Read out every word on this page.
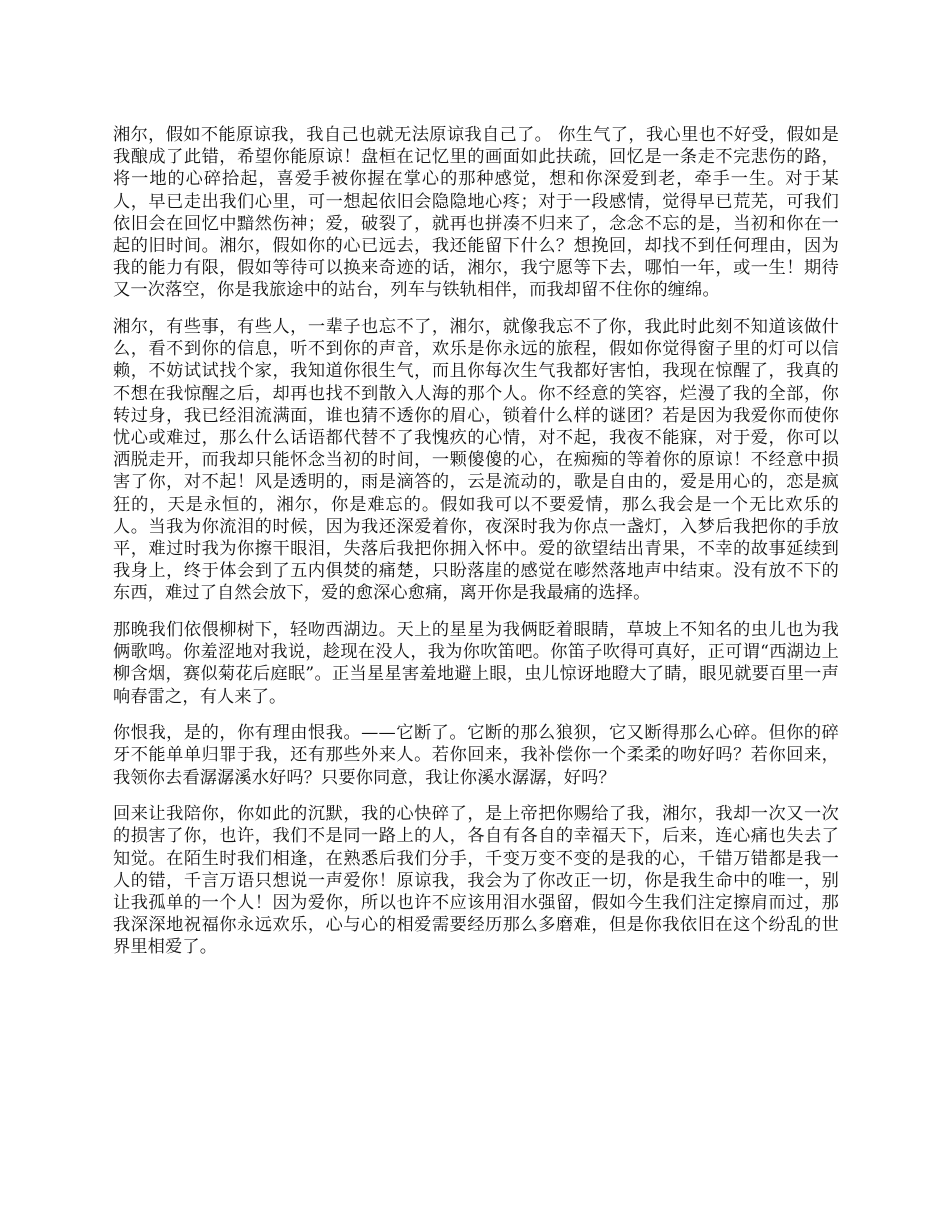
湘尔，假如不能原谅我，我自己也就无法原谅我自己了。 你生气了，我心里也不好受，假如是我酿成了此错，希望你能原谅！盘桓在记忆里的画面如此扶疏，回忆是一条走不完悲伤的路，将一地的心碎拾起，喜爱手被你握在掌心的那种感觉，想和你深爱到老，牵手一生。对于某人，早已走出我们心里，可一想起依旧会隐隐地心疼；对于一段感情，觉得早已荒芜，可我们依旧会在回忆中黯然伤神；爱，破裂了，就再也拼凑不归来了，念念不忘的是，当初和你在一起的旧时间。湘尔，假如你的心已远去，我还能留下什么？想挽回，却找不到任何理由，因为我的能力有限，假如等待可以换来奇迹的话，湘尔，我宁愿等下去，哪怕一年，或一生！期待又一次落空，你是我旅途中的站台，列车与铁轨相伴，而我却留不住你的缠绵。

湘尔，有些事，有些人，一辈子也忘不了，湘尔，就像我忘不了你，我此时此刻不知道该做什么，看不到你的信息，听不到你的声音，欢乐是你永远的旅程，假如你觉得窗子里的灯可以信赖，不妨试试找个家，我知道你很生气，而且你每次生气我都好害怕，我现在惊醒了，我真的不想在我惊醒之后，却再也找不到散入人海的那个人。你不经意的笑容，烂漫了我的全部，你转过身，我已经泪流满面，谁也猜不透你的眉心，锁着什么样的谜团？若是因为我爱你而使你忧心或难过，那么什么话语都代替不了我愧疚的心情，对不起，我夜不能寐，对于爱，你可以洒脱走开，而我却只能怀念当初的时间，一颗傻傻的心，在痴痴的等着你的原谅！不经意中损害了你，对不起！风是透明的，雨是滴答的，云是流动的，歌是自由的，爱是用心的，恋是疯狂的，天是永恒的，湘尔，你是难忘的。假如我可以不要爱情，那么我会是一个无比欢乐的人。当我为你流泪的时候，因为我还深爱着你，夜深时我为你点一盏灯，入梦后我把你的手放平，难过时我为你擦干眼泪，失落后我把你拥入怀中。爱的欲望结出青果，不幸的故事延续到我身上，终于体会到了五内俱焚的痛楚，只盼落崖的感觉在嘭然落地声中结束。没有放不下的东西，难过了自然会放下，爱的愈深心愈痛，离开你是我最痛的选择。

那晚我们依偎柳树下，轻吻西湖边。天上的星星为我俩眨着眼睛，草坡上不知名的虫儿也为我俩歌鸣。你羞涩地对我说，趁现在没人，我为你吹笛吧。你笛子吹得可真好，正可谓“西湖边上柳含烟，赛似菊花后庭眠”。正当星星害羞地避上眼，虫儿惊讶地瞪大了睛，眼见就要百里一声响春雷之，有人来了。

你恨我，是的，你有理由恨我。——它断了。它断的那么狼狈，它又断得那么心碎。但你的碎牙不能单单归罪于我，还有那些外来人。若你回来，我补偿你一个柔柔的吻好吗？若你回来，我领你去看潺潺溪水好吗？只要你同意，我让你溪水潺潺，好吗？

回来让我陪你，你如此的沉默，我的心快碎了，是上帝把你赐给了我，湘尔，我却一次又一次的损害了你，也许，我们不是同一路上的人，各自有各自的幸福天下，后来，连心痛也失去了知觉。在陌生时我们相逢，在熟悉后我们分手，千变万变不变的是我的心，千错万错都是我一人的错，千言万语只想说一声爱你！原谅我，我会为了你改正一切，你是我生命中的唯一，别让我孤单的一个人！因为爱你，所以也许不应该用泪水强留，假如今生我们注定擦肩而过，那我深深地祝福你永远欢乐，心与心的相爱需要经历那么多磨难，但是你我依旧在这个纷乱的世界里相爱了。
